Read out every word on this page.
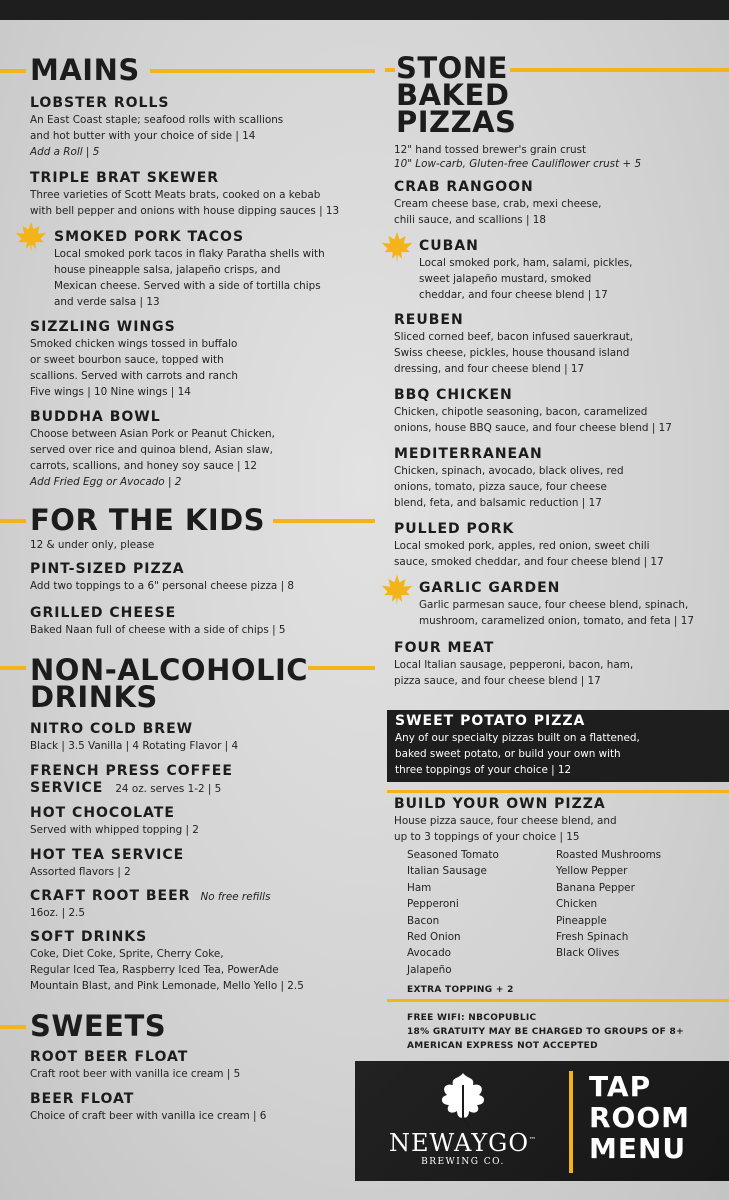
MAINS
LOBSTER ROLLS
An East Coast staple; seafood rolls with scallions
and hot butter with your choice of side | 14
Add a Roll | 5
TRIPLE BRAT SKEWER
Three varieties of Scott Meats brats, cooked on a kebab
with bell pepper and onions with house dipping sauces | 13
SMOKED PORK TACOS
Local smoked pork tacos in flaky Paratha shells with
house pineapple salsa, jalapeño crisps, and
Mexican cheese. Served with a side of tortilla chips
and verde salsa | 13
SIZZLING WINGS
Smoked chicken wings tossed in buffalo
or sweet bourbon sauce, topped with
scallions. Served with carrots and ranch
Five wings | 10 Nine wings | 14
BUDDHA BOWL
Choose between Asian Pork or Peanut Chicken,
served over rice and quinoa blend, Asian slaw,
carrots, scallions, and honey soy sauce | 12
Add Fried Egg or Avocado | 2
FOR THE KIDS
12 & under only, please
PINT-SIZED PIZZA
Add two toppings to a 6" personal cheese pizza | 8
GRILLED CHEESE
Baked Naan full of cheese with a side of chips | 5
NON-ALCOHOLIC
DRINKS
NITRO COLD BREW
Black | 3.5 Vanilla | 4 Rotating Flavor | 4
FRENCH PRESS COFFEE
SERVICE 24 oz. serves 1-2 | 5
HOT CHOCOLATE
Served with whipped topping | 2
HOT TEA SERVICE
Assorted flavors | 2
CRAFT ROOT BEER No free refills
16oz. | 2.5
SOFT DRINKS
Coke, Diet Coke, Sprite, Cherry Coke,
Regular Iced Tea, Raspberry Iced Tea, PowerAde
Mountain Blast, and Pink Lemonade, Mello Yello | 2.5
SWEETS
ROOT BEER FLOAT
Craft root beer with vanilla ice cream | 5
BEER FLOAT
Choice of craft beer with vanilla ice cream | 6
STONE
BAKED
PIZZAS
12" hand tossed brewer's grain crust
10" Low-carb, Gluten-free Cauliflower crust + 5
CRAB RANGOON
Cream cheese base, crab, mexi cheese,
chili sauce, and scallions | 18
CUBAN
Local smoked pork, ham, salami, pickles,
sweet jalapeño mustard, smoked
cheddar, and four cheese blend | 17
REUBEN
Sliced corned beef, bacon infused sauerkraut,
Swiss cheese, pickles, house thousand island
dressing, and four cheese blend | 17
BBQ CHICKEN
Chicken, chipotle seasoning, bacon, caramelized
onions, house BBQ sauce, and four cheese blend | 17
MEDITERRANEAN
Chicken, spinach, avocado, black olives, red
onions, tomato, pizza sauce, four cheese
blend, feta, and balsamic reduction | 17
PULLED PORK
Local smoked pork, apples, red onion, sweet chili
sauce, smoked cheddar, and four cheese blend | 17
GARLIC GARDEN
Garlic parmesan sauce, four cheese blend, spinach,
mushroom, caramelized onion, tomato, and feta | 17
FOUR MEAT
Local Italian sausage, pepperoni, bacon, ham,
pizza sauce, and four cheese blend | 17
SWEET POTATO PIZZA
Any of our specialty pizzas built on a flattened,
baked sweet potato, or build your own with
three toppings of your choice | 12
BUILD YOUR OWN PIZZA
House pizza sauce, four cheese blend, and
up to 3 toppings of your choice | 15
Seasoned Tomato
Italian Sausage
Ham
Pepperoni
Bacon
Red Onion
Avocado
Jalapeño
Roasted Mushrooms
Yellow Pepper
Banana Pepper
Chicken
Pineapple
Fresh Spinach
Black Olives
EXTRA TOPPING + 2
FREE WIFI: NBCOPUBLIC
18% GRATUITY MAY BE CHARGED TO GROUPS OF 8+
AMERICAN EXPRESS NOT ACCEPTED
NEWAYGO™
BREWING CO.
TAP
ROOM
MENU
